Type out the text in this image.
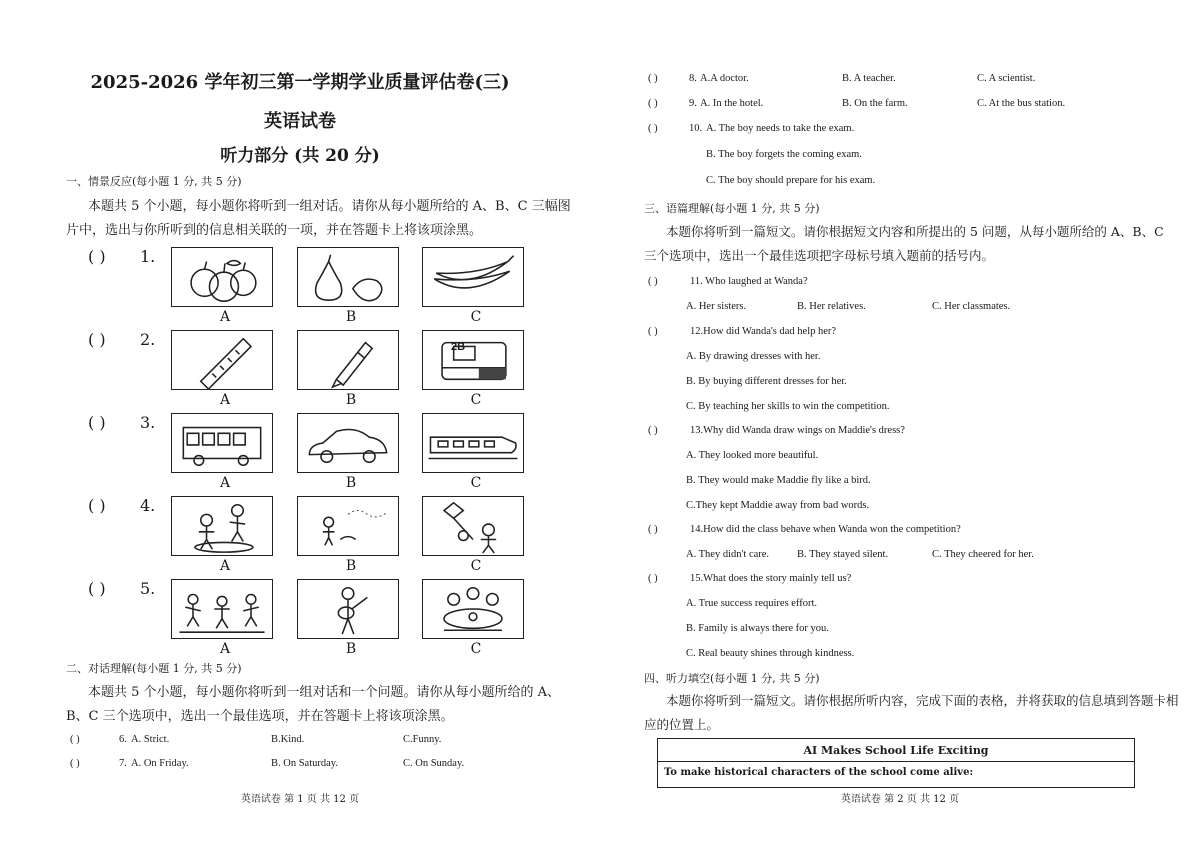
2025-2026 学年初三第一学期学业质量评估卷(三)
英语试卷
听力部分 (共 20 分)
一、情景反应(每小题 1 分, 共 5 分)
本题共 5 个小题，每小题你将听到一组对话。请你从每小题所给的 A、B、C 三幅图片中，选出与你所听到的信息相关联的一项，并在答题卡上将该项涂黑。
( ) 1.
A	B	C
( ) 2.
A	B
2B
C
( ) 3.
A	B	C
( ) 4.
A	B	C
( ) 5.
A	B	C
二、对话理解(每小题 1 分, 共 5 分)
本题共 5 个小题，每小题你将听到一组对话和一个问题。请你从每小题所给的 A、B、C 三个选项中，选出一个最佳选项，并在答题卡上将该项涂黑。
( )	6. A. Strict.	B.Kind.	C.Funny.
( )	7. A. On Friday.	B. On Saturday.	C. On Sunday.
英语试卷 第 1 页 共 12 页
( )	8. A.A doctor.	B. A teacher.	C. A scientist.
( )	9. A. In the hotel.	B. On the farm.	C. At the bus station.
( )	10. A. The boy needs to take the exam.
B. The boy forgets the coming exam.
C. The boy should prepare for his exam.
三、语篇理解(每小题 1 分, 共 5 分)
本题你将听到一篇短文。请你根据短文内容和所提出的 5 问题，从每小题所给的 A、B、C 三个选项中，选出一个最佳选项把字母标号填入题前的括号内。
( )	11. Who laughed at Wanda?
A. Her sisters.	B. Her relatives.	C. Her classmates.
( )	12.How did Wanda's dad help her?
A. By drawing dresses with her.
B. By buying different dresses for her.
C. By teaching her skills to win the competition.
( )	13.Why did Wanda draw wings on Maddie's dress?
A. They looked more beautiful.
B. They would make Maddie fly like a bird.
C.They kept Maddie away from bad words.
( )	14.How did the class behave when Wanda won the competition?
A. They didn't care.	B. They stayed silent.	C. They cheered for her.
( )	15.What does the story mainly tell us?
A. True success requires effort.
B. Family is always there for you.
C. Real beauty shines through kindness.
四、听力填空(每小题 1 分, 共 5 分)
本题你将听到一篇短文。请你根据所听内容，完成下面的表格，并将获取的信息填到答题卡相应的位置上。
AI Makes School Life Exciting
To make historical characters of the school come alive:
英语试卷 第 2 页 共 12 页
